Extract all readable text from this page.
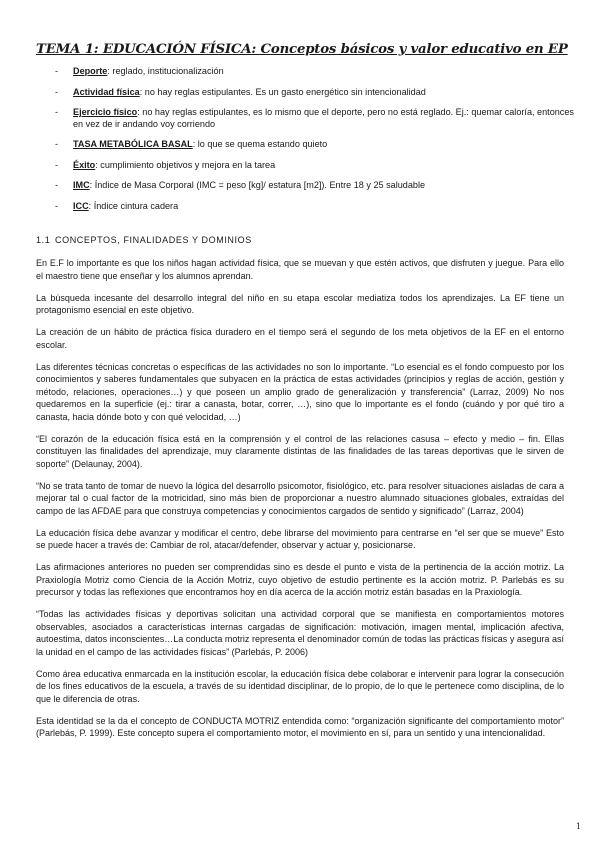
TEMA 1: EDUCACIÓN FÍSICA: Conceptos básicos y valor educativo en EP
- Deporte: reglado, institucionalización
- Actividad física: no hay reglas estipulantes. Es un gasto energético sin intencionalidad
- Ejercicio físico: no hay reglas estipulantes, es lo mismo que el deporte, pero no está reglado. Ej.: quemar caloría, entonces en vez de ir andando voy corriendo
- TASA METABÓLICA BASAL: lo que se quema estando quieto
- Éxito: cumplimiento objetivos y mejora en la tarea
- IMC: Índice de Masa Corporal (IMC = peso [kg]/ estatura [m2]). Entre 18 y 25 saludable
- ICC: Índice cintura cadera
1.1 CONCEPTOS, FINALIDADES Y DOMINIOS

En E.F lo importante es que los niños hagan actividad física, que se muevan y que estén activos, que disfruten y juegue. Para ello el maestro tiene que enseñar y los alumnos aprendan.

La búsqueda incesante del desarrollo integral del niño en su etapa escolar mediatiza todos los aprendizajes. La EF tiene un protagonismo esencial en este objetivo.

La creación de un hábito de práctica física duradero en el tiempo será el segundo de los meta objetivos de la EF en el entorno escolar.

Las diferentes técnicas concretas o específicas de las actividades no son lo importante. “Lo esencial es el fondo compuesto por los conocimientos y saberes fundamentales que subyacen en la práctica de estas actividades (principios y reglas de acción, gestión y método, relaciones, operaciones…) y que poseen un amplio grado de generalización y transferencia” (Larraz, 2009) No nos quedaremos en la superficie (ej.: tirar a canasta, botar, correr, …), sino que lo importante es el fondo (cuándo y por qué tiro a canasta, hacia dónde boto y con qué velocidad, …)

“El corazón de la educación física está en la comprensión y el control de las relaciones casusa – efecto y medio – fin. Ellas constituyen las finalidades del aprendizaje, muy claramente distintas de las finalidades de las tareas deportivas que le sirven de soporte” (Delaunay, 2004).

“No se trata tanto de tomar de nuevo la lógica del desarrollo psicomotor, fisiológico, etc. para resolver situaciones aisladas de cara a mejorar tal o cual factor de la motricidad, sino más bien de proporcionar a nuestro alumnado situaciones globales, extraídas del campo de las AFDAE para que construya competencias y conocimientos cargados de sentido y significado” (Larraz, 2004)

La educación física debe avanzar y modificar el centro, debe librarse del movimiento para centrarse en “el ser que se mueve” Esto se puede hacer a través de: Cambiar de rol, atacar/defender, observar y actuar y, posicionarse.

Las afirmaciones anteriores no pueden ser comprendidas sino es desde el punto e vista de la pertinencia de la acción motriz. La Praxiología Motriz como Ciencia de la Acción Motriz, cuyo objetivo de estudio pertinente es la acción motriz. P. Parlebás es su precursor y todas las reflexiones que encontramos hoy en día acerca de la acción motriz están basadas en la Praxiología.

“Todas las actividades físicas y deportivas solicitan una actividad corporal que se manifiesta en comportamientos motores observables, asociados a características internas cargadas de significación: motivación, imagen mental, implicación afectiva, autoestima, datos inconscientes…La conducta motriz representa el denominador común de todas las prácticas físicas y asegura así la unidad en el campo de las actividades físicas” (Parlebás, P. 2006)

Como área educativa enmarcada en la institución escolar, la educación física debe colaborar e intervenir para lograr la consecución de los fines educativos de la escuela, a través de su identidad disciplinar, de lo propio, de lo que le pertenece como disciplina, de lo que le diferencia de otras.

Esta identidad se la da el concepto de CONDUCTA MOTRIZ entendida como: “organización significante del comportamiento motor” (Parlebás, P. 1999). Este concepto supera el comportamiento motor, el movimiento en sí, para un sentido y una intencionalidad.

1
